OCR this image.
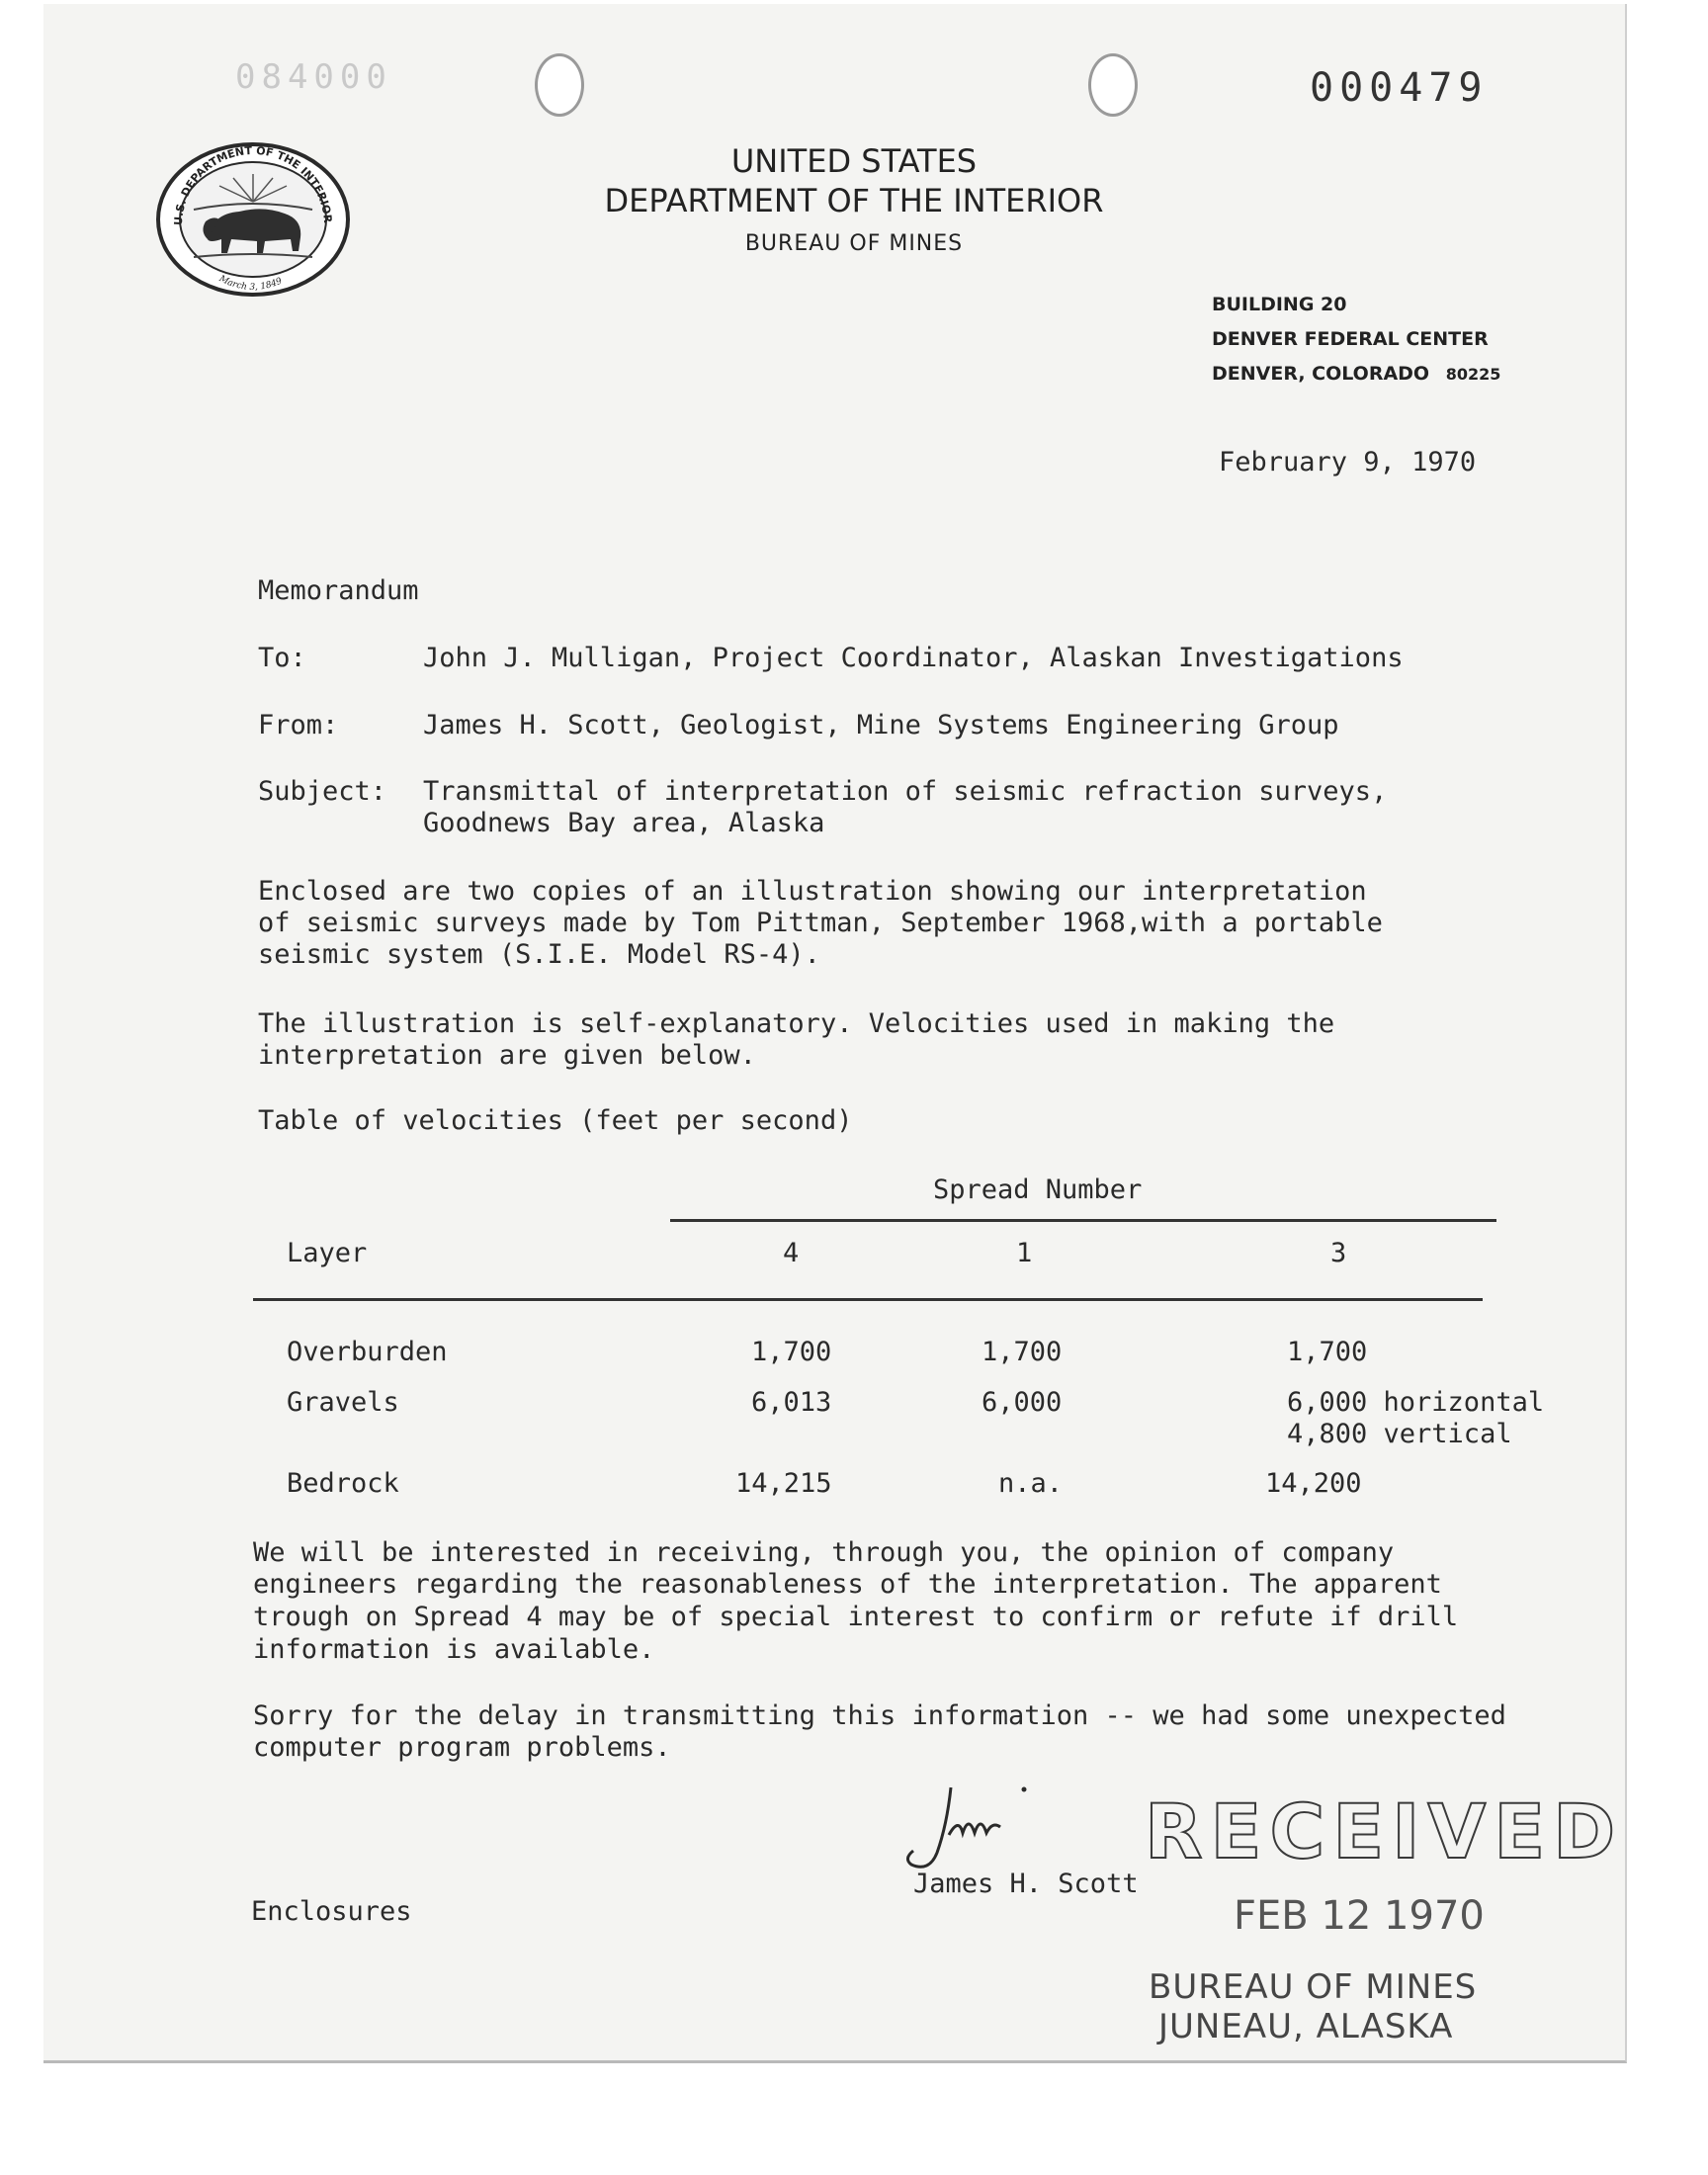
084000	000479
U.S. DEPARTMENT OF THE INTERIOR
March 3, 1849
UNITED STATES
DEPARTMENT OF THE INTERIOR
BUREAU OF MINES
BUILDING 20
DENVER FEDERAL CENTER
DENVER, COLORADO 80225
February 9, 1970
Memorandum
To:	John J. Mulligan, Project Coordinator, Alaskan Investigations
From:	James H. Scott, Geologist, Mine Systems Engineering Group
Subject: Transmittal of interpretation of seismic refraction surveys,
Goodnews Bay area, Alaska
Enclosed are two copies of an illustration showing our interpretation
of seismic surveys made by Tom Pittman, September 1968,with a portable
seismic system (S.I.E. Model RS-4).
The illustration is self-explanatory. Velocities used in making the
interpretation are given below.
Table of velocities (feet per second)
Spread Number
Layer	4	1	3
Overburden	1,700	1,700	1,700
Gravels	6,013	6,000	6,000 horizontal
4,800 vertical
Bedrock	14,215	n.a.	14,200
We will be interested in receiving, through you, the opinion of company
engineers regarding the reasonableness of the interpretation. The apparent
trough on Spread 4 may be of special interest to confirm or refute if drill
information is available.
Sorry for the delay in transmitting this information -- we had some unexpected
computer program problems.
James H. Scott
Enclosures
RECEIVED
FEB 12 1970
BUREAU OF MINES
JUNEAU, ALASKA
